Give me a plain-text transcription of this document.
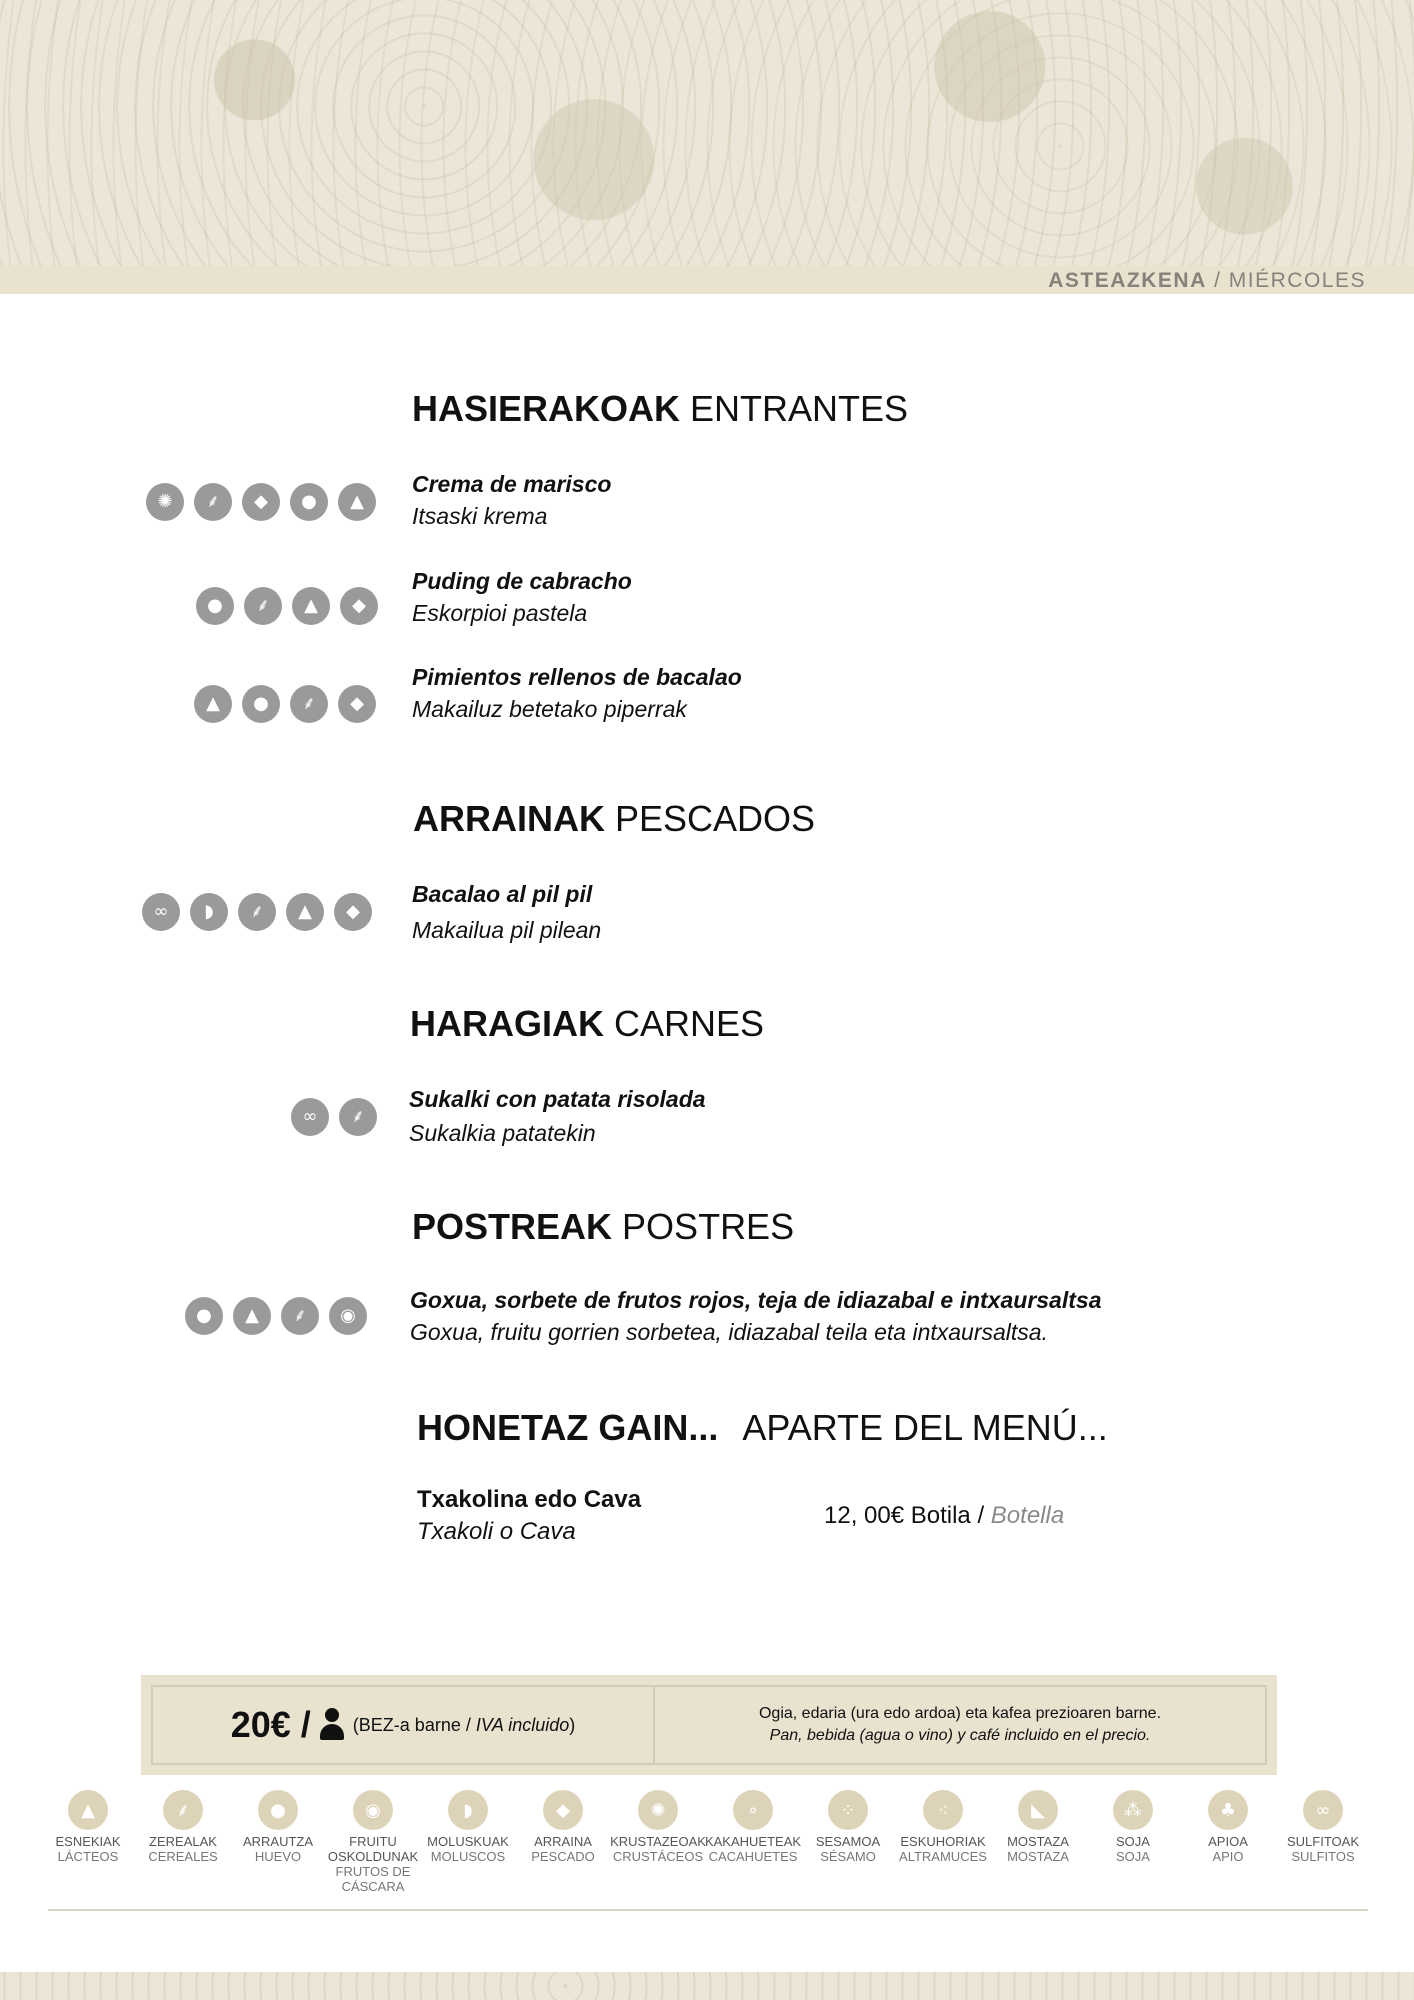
ASTEAZKENA / MIÉRCOLES
HASIERAKOAK ENTRANTES
✺	⸙	◆	●	▲
Crema de marisco
Itsaski krema
●	⸙	▲	◆
Puding de cabracho
Eskorpioi pastela
▲	●	⸙	◆
Pimientos rellenos de bacalao
Makailuz betetako piperrak
ARRAINAK PESCADOS
∞	◗	⸙	▲	◆
Bacalao al pil pil
Makailua pil pilean
HARAGIAK CARNES
∞	⸙
Sukalki con patata risolada
Sukalkia patatekin
POSTREAK POSTRES
●	▲	⸙	◉
Goxua, sorbete de frutos rojos, teja de idiazabal e intxaursaltsa
Goxua, fruitu gorrien sorbetea, idiazabal teila eta intxaursaltsa.
HONETAZ GAIN... APARTE DEL MENÚ...
Txakolina edo Cava
Txakoli o Cava
12, 00€ Botila / Botella
20€ / (BEZ-a barne / IVA incluido)
Ogia, edaria (ura edo ardoa) eta kafea prezioaren barne.
Pan, bebida (agua o vino) y café incluido en el precio.
▲
ESNEKIAK
LÁCTEOS
⸙
ZEREALAK
CEREALES
●
ARRAUTZA
HUEVO
◉
FRUITU OSKOLDUNAK
FRUTOS DE CÁSCARA
◗
MOLUSKUAK
MOLUSCOS
◆
ARRAINA
PESCADO
✺
KRUSTAZEOAK
CRUSTÁCEOS
∘
KAKAHUETEAK
CACAHUETES
⁘
SESAMOA
SÉSAMO
⁖
ESKUHORIAK
ALTRAMUCES
◣
MOSTAZA
MOSTAZA
⁂
SOJA
SOJA
♣
APIOA
APIO
∞
SULFITOAK
SULFITOS
